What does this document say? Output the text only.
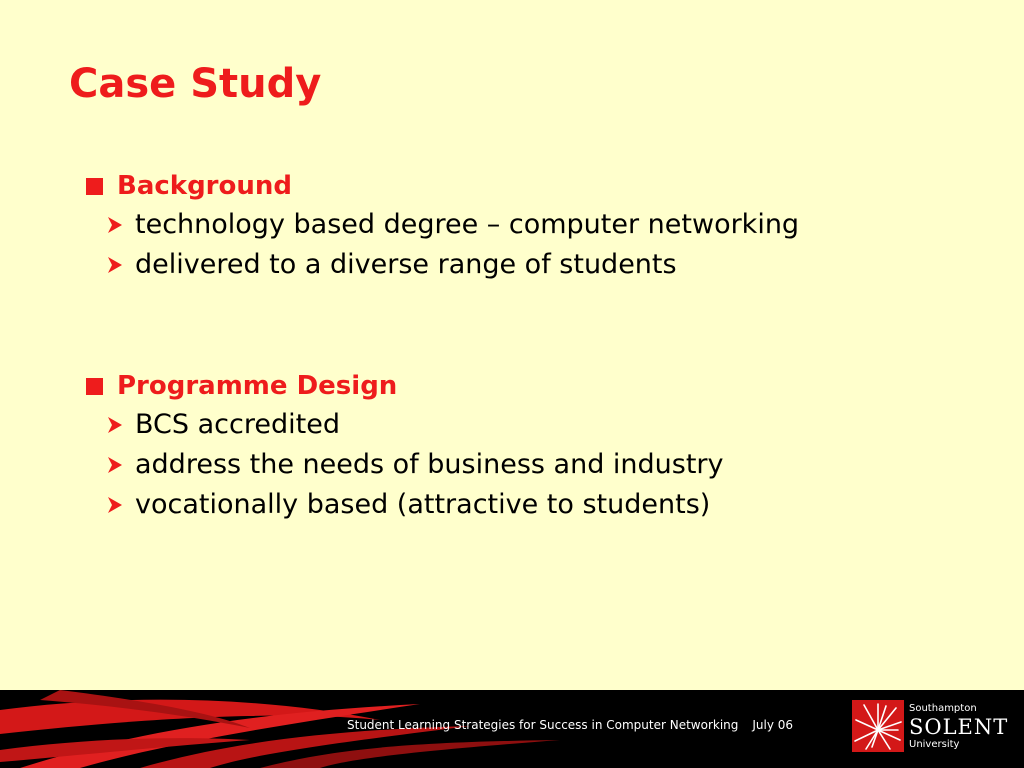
Case Study
Background
technology based degree – computer networking
delivered to a diverse range of students
Programme Design
BCS accredited
address the needs of business and industry
vocationally based (attractive to students)
Student Learning Strategies for Success in Computer Networking July 06
Southampton
SOLENT
University
